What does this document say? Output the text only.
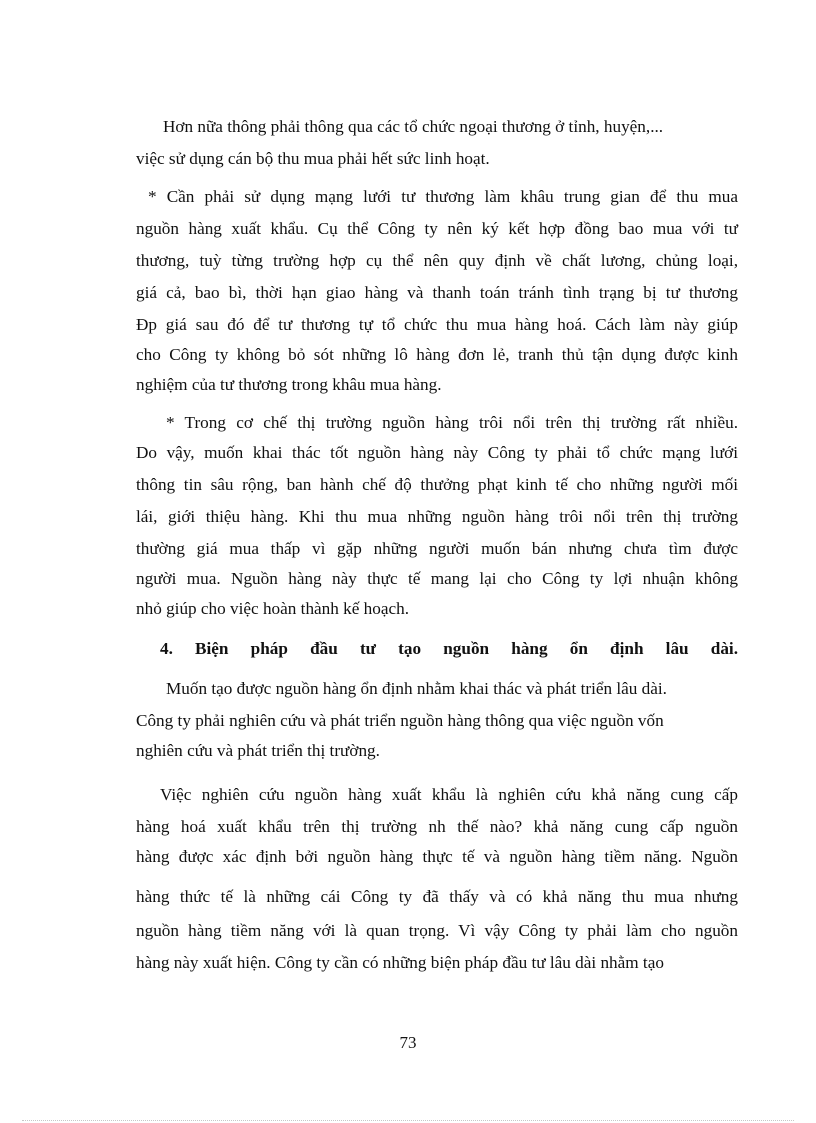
Hơn nữa thông phải thông qua các tổ chức ngoại thương ở tỉnh, huyện,...
việc sử dụng cán bộ thu mua phải hết sức linh hoạt.
* Cần phải sử dụng mạng lưới tư thương làm khâu trung gian để thu mua
nguồn hàng xuất khẩu. Cụ thể Công ty nên ký kết hợp đồng bao mua với tư
thương, tuỳ từng trường hợp cụ thể nên quy định về chất lương, chủng loại,
giá cả, bao bì, thời hạn giao hàng và thanh toán tránh tình trạng bị tư thương
Đp giá sau đó để tư thương tự tổ chức thu mua hàng hoá. Cách làm này giúp
cho Công ty không bỏ sót những lô hàng đơn lẻ, tranh thủ tận dụng được kinh
nghiệm của tư thương trong khâu mua hàng.
* Trong cơ chế thị trường nguồn hàng trôi nổi trên thị trường rất nhiều.
Do vậy, muốn khai thác tốt nguồn hàng này Công ty phải tổ chức mạng lưới
thông tin sâu rộng, ban hành chế độ thưởng phạt kinh tế cho những người mối
lái, giới thiệu hàng. Khi thu mua những nguồn hàng trôi nổi trên thị trường
thường giá mua thấp vì gặp những người muốn bán nhưng chưa tìm được
người mua. Nguồn hàng này thực tế mang lại cho Công ty lợi nhuận không
nhỏ giúp cho việc hoàn thành kế hoạch.
4. Biện pháp đầu tư tạo nguồn hàng ổn định lâu dài.
Muốn tạo được nguồn hàng ổn định nhằm khai thác và phát triển lâu dài.
Công ty phải nghiên cứu và phát triển nguồn hàng thông qua việc nguồn vốn
nghiên cứu và phát triển thị trường.
Việc nghiên cứu nguồn hàng xuất khẩu là nghiên cứu khả năng cung cấp
hàng hoá xuất khẩu trên thị trường nh thế nào? khả năng cung cấp nguồn
hàng được xác định bởi nguồn hàng thực tế và nguồn hàng tiềm năng. Nguồn
hàng thức tế là những cái Công ty đã thấy và có khả năng thu mua nhưng
nguồn hàng tiềm năng với là quan trọng. Vì vậy Công ty phải làm cho nguồn
hàng này xuất hiện. Công ty cần có những biện pháp đầu tư lâu dài nhằm tạo
73
